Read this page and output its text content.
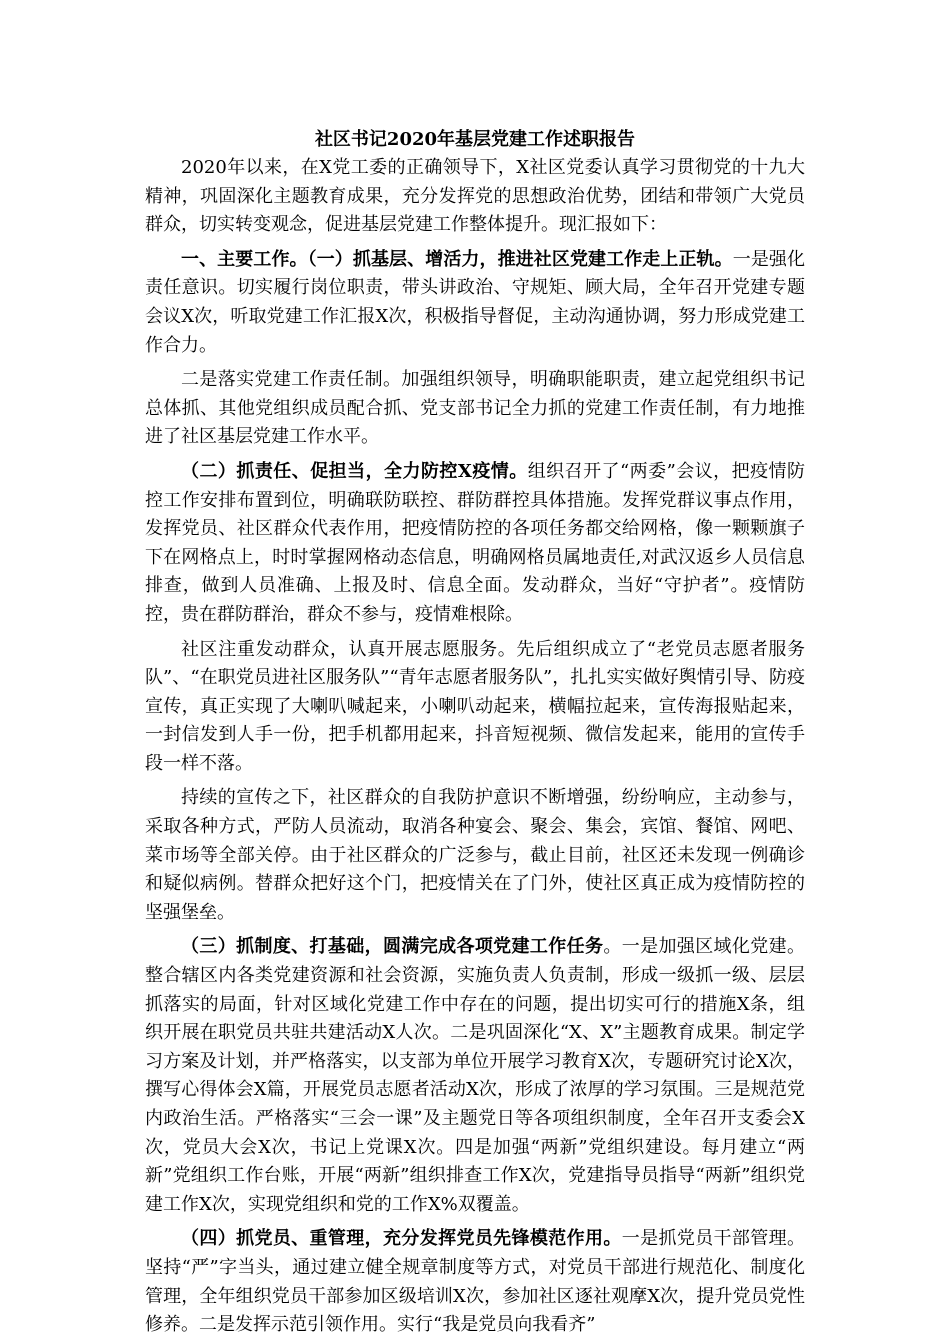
社区书记2020年基层党建工作述职报告

2020年以来，在X党工委的正确领导下，X社区党委认真学习贯彻党的十九大精神，巩固深化主题教育成果，充分发挥党的思想政治优势，团结和带领广大党员群众，切实转变观念，促进基层党建工作整体提升。现汇报如下：

一、主要工作。（一）抓基层、增活力，推进社区党建工作走上正轨。一是强化责任意识。切实履行岗位职责，带头讲政治、守规矩、顾大局，全年召开党建专题会议X次，听取党建工作汇报X次，积极指导督促，主动沟通协调，努力形成党建工作合力。

二是落实党建工作责任制。加强组织领导，明确职能职责，建立起党组织书记总体抓、其他党组织成员配合抓、党支部书记全力抓的党建工作责任制，有力地推进了社区基层党建工作水平。

（二）抓责任、促担当，全力防控X疫情。组织召开了“两委”会议，把疫情防控工作安排布置到位，明确联防联控、群防群控具体措施。发挥党群议事点作用，发挥党员、社区群众代表作用，把疫情防控的各项任务都交给网格，像一颗颗旗子下在网格点上，时时掌握网格动态信息，明确网格员属地责任,对武汉返乡人员信息排查，做到人员准确、上报及时、信息全面。发动群众，当好“守护者”。疫情防控，贵在群防群治，群众不参与，疫情难根除。

社区注重发动群众，认真开展志愿服务。先后组织成立了“老党员志愿者服务队”、“在职党员进社区服务队”“青年志愿者服务队”，扎扎实实做好舆情引导、防疫宣传，真正实现了大喇叭喊起来，小喇叭动起来，横幅拉起来，宣传海报贴起来，一封信发到人手一份，把手机都用起来，抖音短视频、微信发起来，能用的宣传手段一样不落。

持续的宣传之下，社区群众的自我防护意识不断增强，纷纷响应，主动参与，采取各种方式，严防人员流动，取消各种宴会、聚会、集会，宾馆、餐馆、网吧、菜市场等全部关停。由于社区群众的广泛参与，截止目前，社区还未发现一例确诊和疑似病例。替群众把好这个门，把疫情关在了门外，使社区真正成为疫情防控的坚强堡垒。

（三）抓制度、打基础，圆满完成各项党建工作任务。一是加强区域化党建。整合辖区内各类党建资源和社会资源，实施负责人负责制，形成一级抓一级、层层抓落实的局面，针对区域化党建工作中存在的问题，提出切实可行的措施X条，组织开展在职党员共驻共建活动X人次。二是巩固深化“X、X”主题教育成果。制定学习方案及计划，并严格落实，以支部为单位开展学习教育X次，专题研究讨论X次，撰写心得体会X篇，开展党员志愿者活动X次，形成了浓厚的学习氛围。三是规范党内政治生活。严格落实“三会一课”及主题党日等各项组织制度，全年召开支委会X次，党员大会X次，书记上党课X次。四是加强“两新”党组织建设。每月建立“两新”党组织工作台账，开展“两新”组织排查工作X次，党建指导员指导“两新”组织党建工作X次，实现党组织和党的工作X%双覆盖。

（四）抓党员、重管理，充分发挥党员先锋模范作用。一是抓党员干部管理。坚持“严”字当头，通过建立健全规章制度等方式，对党员干部进行规范化、制度化管理，全年组织党员干部参加区级培训X次，参加社区逐社观摩X次，提升党员党性修养。二是发挥示范引领作用。实行“我是党员向我看齐”
